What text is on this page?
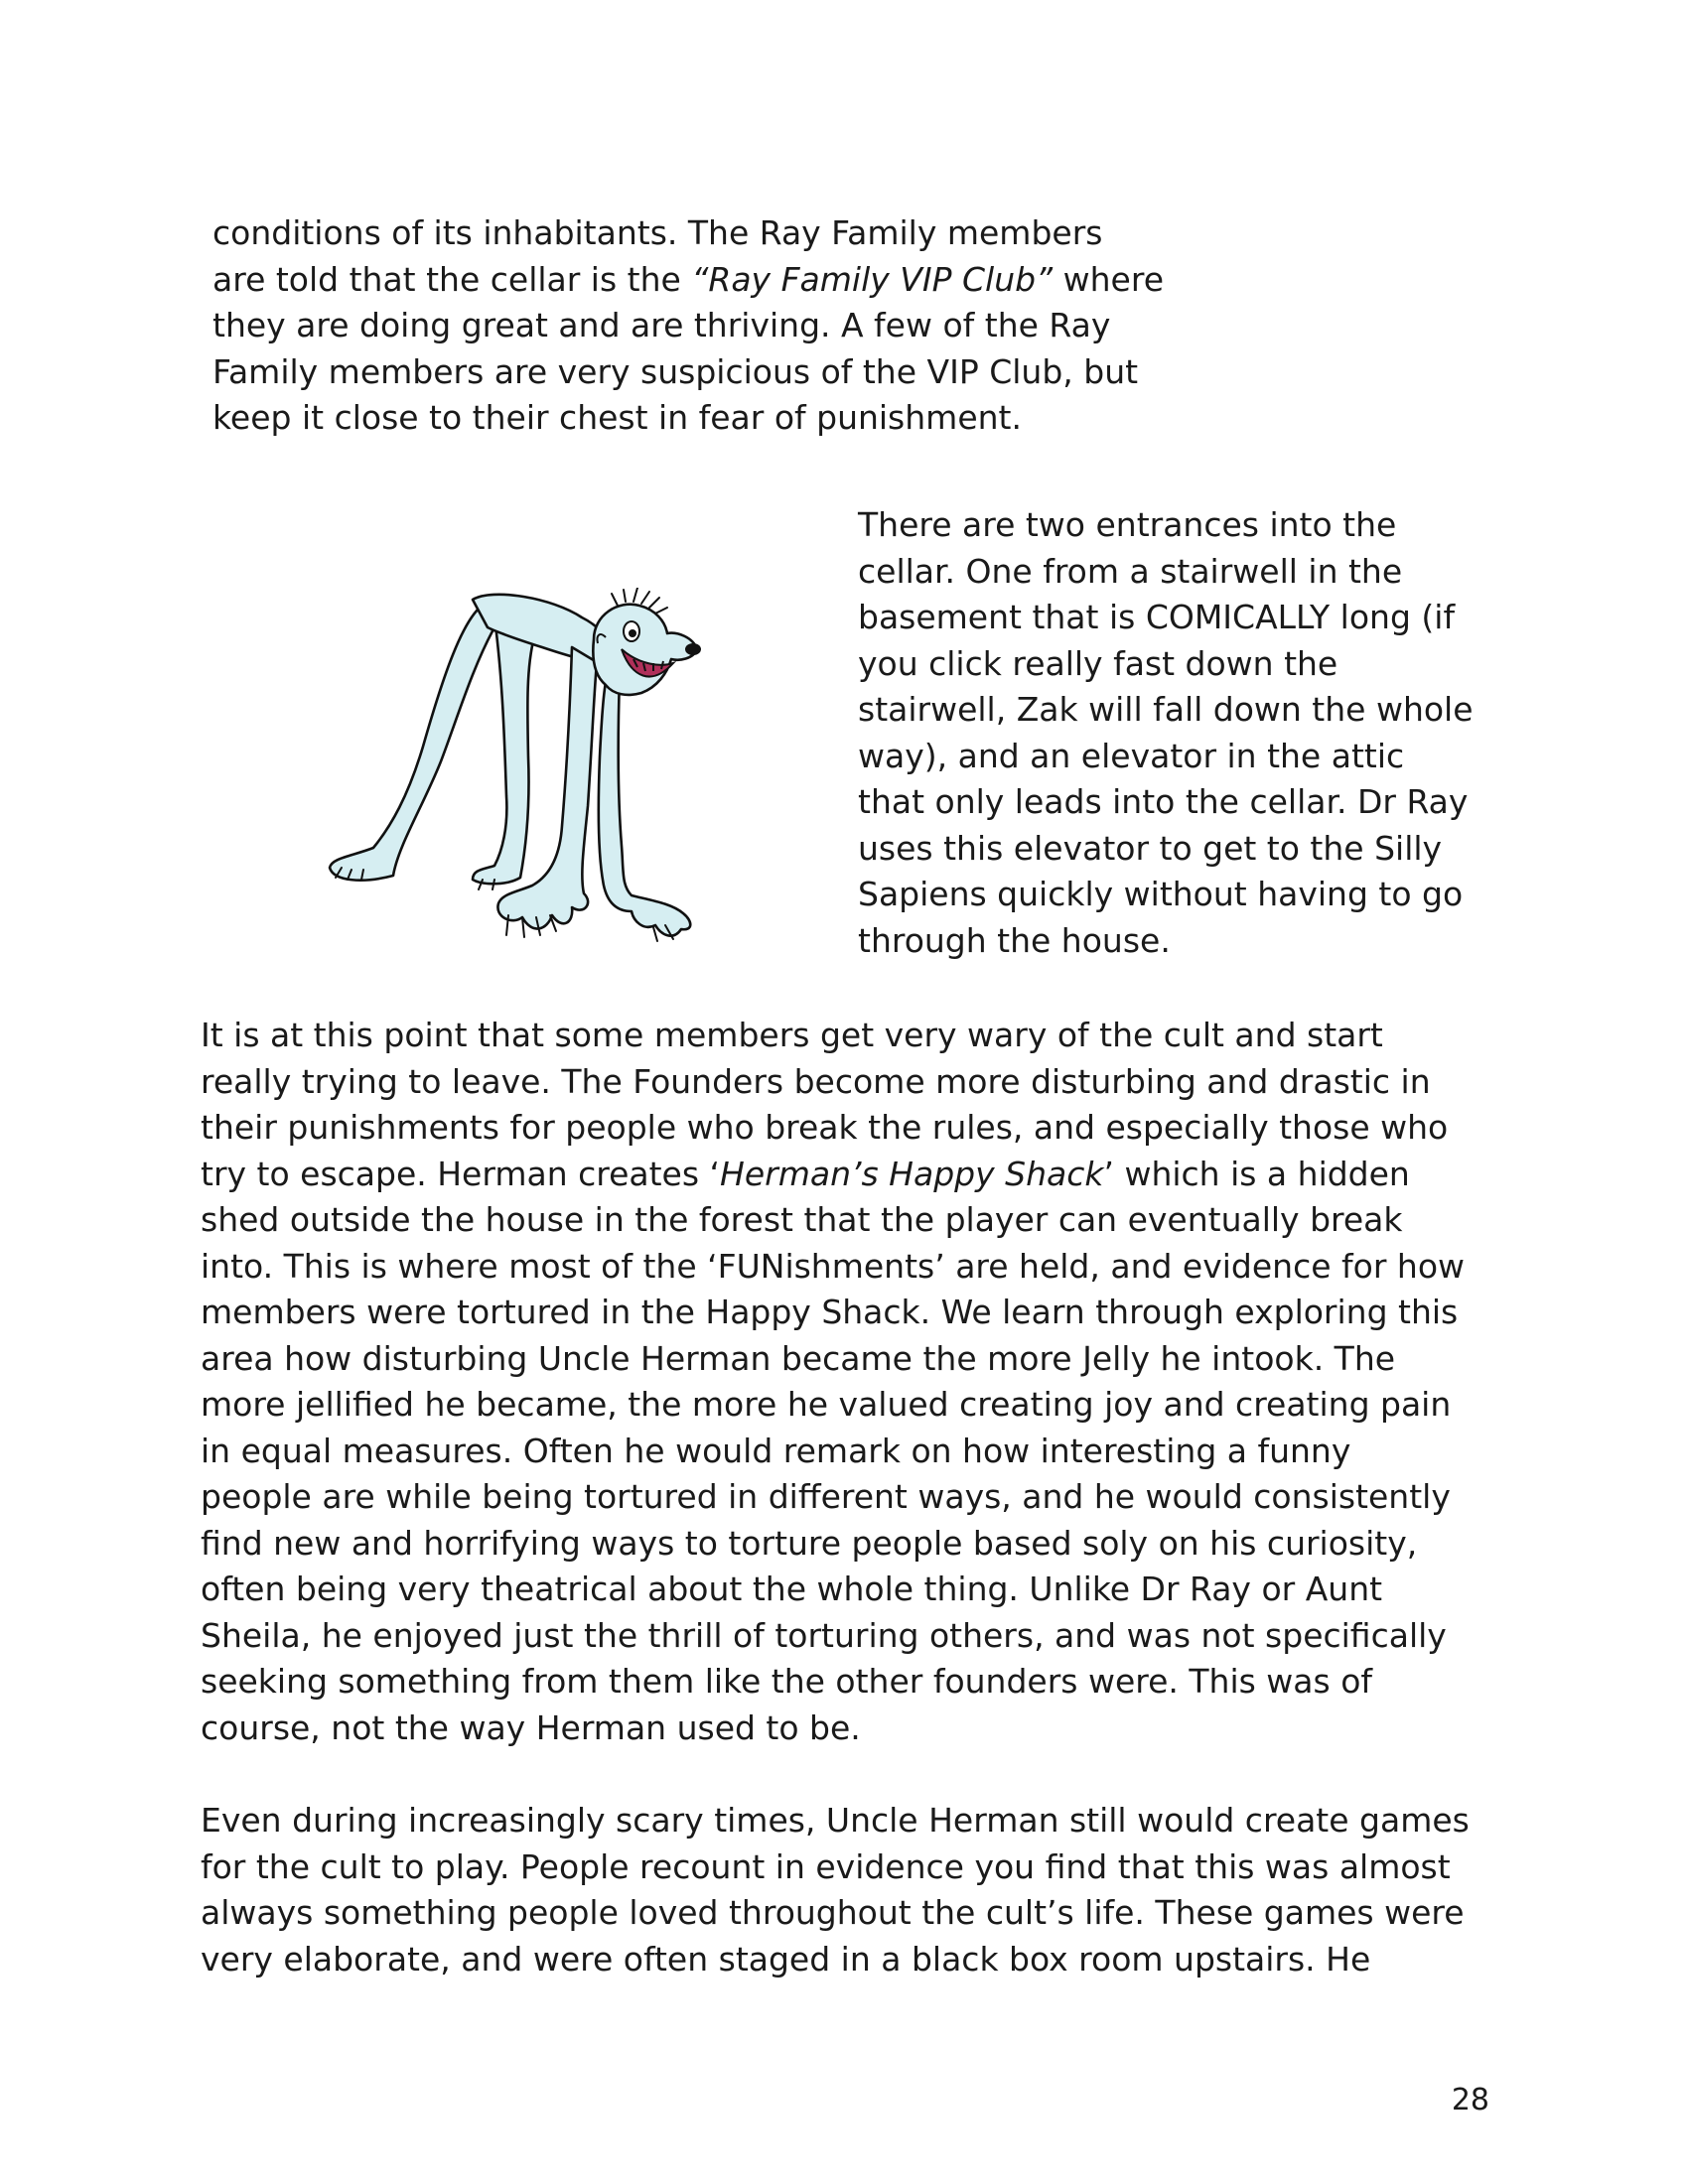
conditions of its inhabitants. The Ray Family members
are told that the cellar is the “Ray Family VIP Club” where
they are doing great and are thriving. A few of the Ray
Family members are very suspicious of the VIP Club, but
keep it close to their chest in fear of punishment.

There are two entrances into the
cellar. One from a stairwell in the
basement that is COMICALLY long (if
you click really fast down the
stairwell, Zak will fall down the whole
way), and an elevator in the attic
that only leads into the cellar. Dr Ray
uses this elevator to get to the Silly
Sapiens quickly without having to go
through the house.

It is at this point that some members get very wary of the cult and start
really trying to leave. The Founders become more disturbing and drastic in
their punishments for people who break the rules, and especially those who
try to escape. Herman creates ‘Herman’s Happy Shack’ which is a hidden
shed outside the house in the forest that the player can eventually break
into. This is where most of the ‘FUNishments’ are held, and evidence for how
members were tortured in the Happy Shack. We learn through exploring this
area how disturbing Uncle Herman became the more Jelly he intook. The
more jellified he became, the more he valued creating joy and creating pain
in equal measures. Often he would remark on how interesting a funny
people are while being tortured in different ways, and he would consistently
find new and horrifying ways to torture people based soly on his curiosity,
often being very theatrical about the whole thing. Unlike Dr Ray or Aunt
Sheila, he enjoyed just the thrill of torturing others, and was not specifically
seeking something from them like the other founders were. This was of
course, not the way Herman used to be.

Even during increasingly scary times, Uncle Herman still would create games
for the cult to play. People recount in evidence you find that this was almost
always something people loved throughout the cult’s life. These games were
very elaborate, and were often staged in a black box room upstairs. He

28
